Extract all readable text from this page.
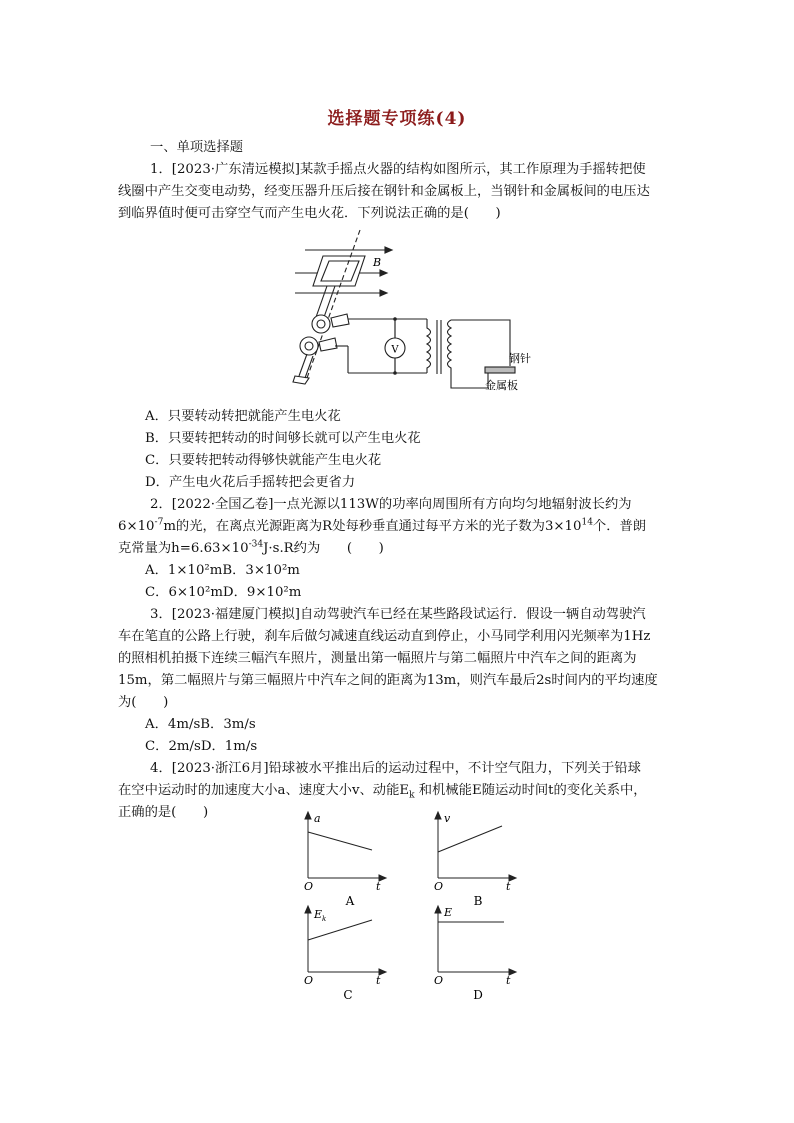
选择题专项练(4)
一、单项选择题
1．[2023·广东清远模拟]某款手摇点火器的结构如图所示，其工作原理为手摇转把使
线圈中产生交变电动势，经变压器升压后接在钢针和金属板上，当钢针和金属板间的电压达
到临界值时便可击穿空气而产生电火花．下列说法正确的是(　　)
B
V
钢针
金属板
A．只要转动转把就能产生电火花
B．只要转把转动的时间够长就可以产生电火花
C．只要转把转动得够快就能产生电火花
D．产生电火花后手摇转把会更省力
2．[2022·全国乙卷]一点光源以113W的功率向周围所有方向均匀地辐射波长约为
$6\times 10^{-7}m$的光，在离点光源距离为R处每秒垂直通过每平方米的光子数为$3\times 10^{14}$个．普朗
克常量为$h=6.63\times 10^{-34}J\cdot s.R$约为　　(　　)
A．1×10²mB．3×10²m
C．6×10²mD．9×10²m
3．[2023·福建厦门模拟]自动驾驶汽车已经在某些路段试运行．假设一辆自动驾驶汽
车在笔直的公路上行驶，刹车后做匀减速直线运动直到停止，小马同学利用闪光频率为1Hz
的照相机拍摄下连续三幅汽车照片，测量出第一幅照片与第二幅照片中汽车之间的距离为
15m，第二幅照片与第三幅照片中汽车之间的距离为13m，则汽车最后2s时间内的平均速度
为(　　)
A．4m/sB．3m/s
C．2m/sD．1m/s
4．[2023·浙江6月]铅球被水平推出后的运动过程中，不计空气阻力，下列关于铅球
在空中运动时的加速度大小a、速度大小v、动能$E_k$ 和机械能E随运动时间t的变化关系中，
正确的是(　　)	a
t
O
A
v
t
O
B
$E_k$
t
O
C
E
t
O
D
